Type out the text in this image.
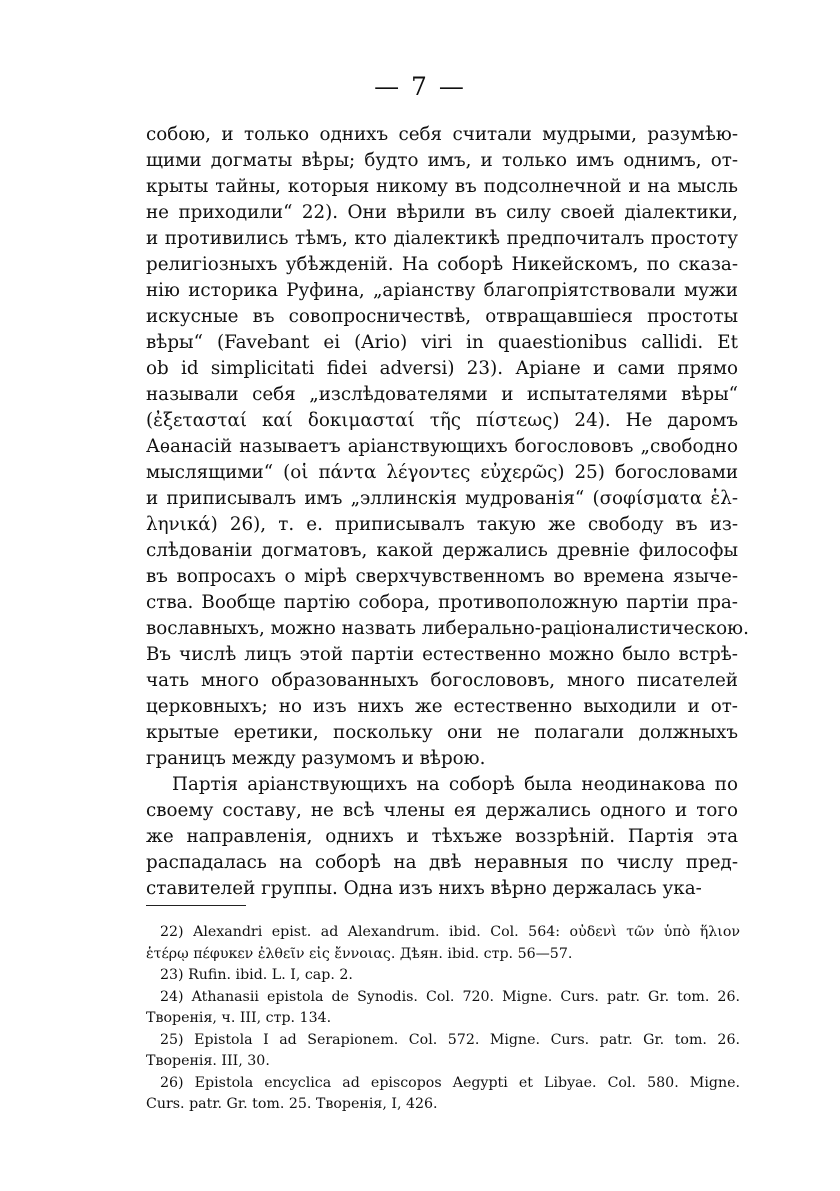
— 7 —
собою, и только однихъ себя считали мудрыми, разумѣю-
щими догматы вѣры; будто имъ, и только имъ однимъ, от-
крыты тайны, которыя никому въ подсолнечной и на мысль
не приходили“ 22). Они вѣрили въ силу своей діалектики,
и противились тѣмъ, кто діалектикѣ предпочиталъ простоту
религіозныхъ убѣжденій. На соборѣ Никейскомъ, по сказа-
нію историка Руфина, „аріанству благопріятствовали мужи
искусные въ совопросничествѣ, отвращавшіеся простоты
вѣры“ (Favebant ei (Ario) viri in quaestionibus callidi. Et
ob id simplicitati fidei adversi) 23). Аріане и сами прямо
называли себя „изслѣдователями и испытателями вѣры“
(ἐξετασταί καί δοκιμασταί τῆς πίστεως) 24). Не даромъ
Аѳанасій называетъ аріанствующихъ богослововъ „свободно
мыслящими“ (οἱ πάντα λέγοντες εὐχερῶς) 25) богословами
и приписывалъ имъ „эллинскія мудрованія“ (σοφίσματα ἑλ-
ληνικά) 26), т. е. приписывалъ такую же свободу въ из-
слѣдованіи догматовъ, какой держались древніе философы
въ вопросахъ о мірѣ сверхчувственномъ во времена языче-
ства. Вообще партію собора, противоположную партіи пра-
вославныхъ, можно назвать либерально-раціоналистическою.
Въ числѣ лицъ этой партіи естественно можно было встрѣ-
чать много образованныхъ богослововъ, много писателей
церковныхъ; но изъ нихъ же естественно выходили и от-
крытые еретики, поскольку они не полагали должныхъ
границъ между разумомъ и вѣрою.
Партія аріанствующихъ на соборѣ была неодинакова по
своему составу, не всѣ члены ея держались одного и того
же направленія, однихъ и тѣхъже воззрѣній. Партія эта
распадалась на соборѣ на двѣ неравныя по числу пред-
ставителей группы. Одна изъ нихъ вѣрно держалась ука-
22) Alexandri epist. ad Alexandrum. ibid. Col. 564: οὐδενὶ τῶν ὑπὸ ἥλιον
ἑτέρῳ πέφυκεν ἐλθεῖν εἰς ἔννοιας. Дѣян. ibid. стр. 56—57.
23) Rufin. ibid. L. I, cap. 2.
24) Athanasii epistola de Synodis. Col. 720. Migne. Curs. patr. Gr. tom. 26.
Творенія, ч. III, стр. 134.
25) Epistola I ad Serapionem. Col. 572. Migne. Curs. patr. Gr. tom. 26.
Творенія. III, 30.
26) Epistola encyclica ad episcopos Aegypti et Libyae. Col. 580. Migne.
Curs. patr. Gr. tom. 25. Творенія, I, 426.
